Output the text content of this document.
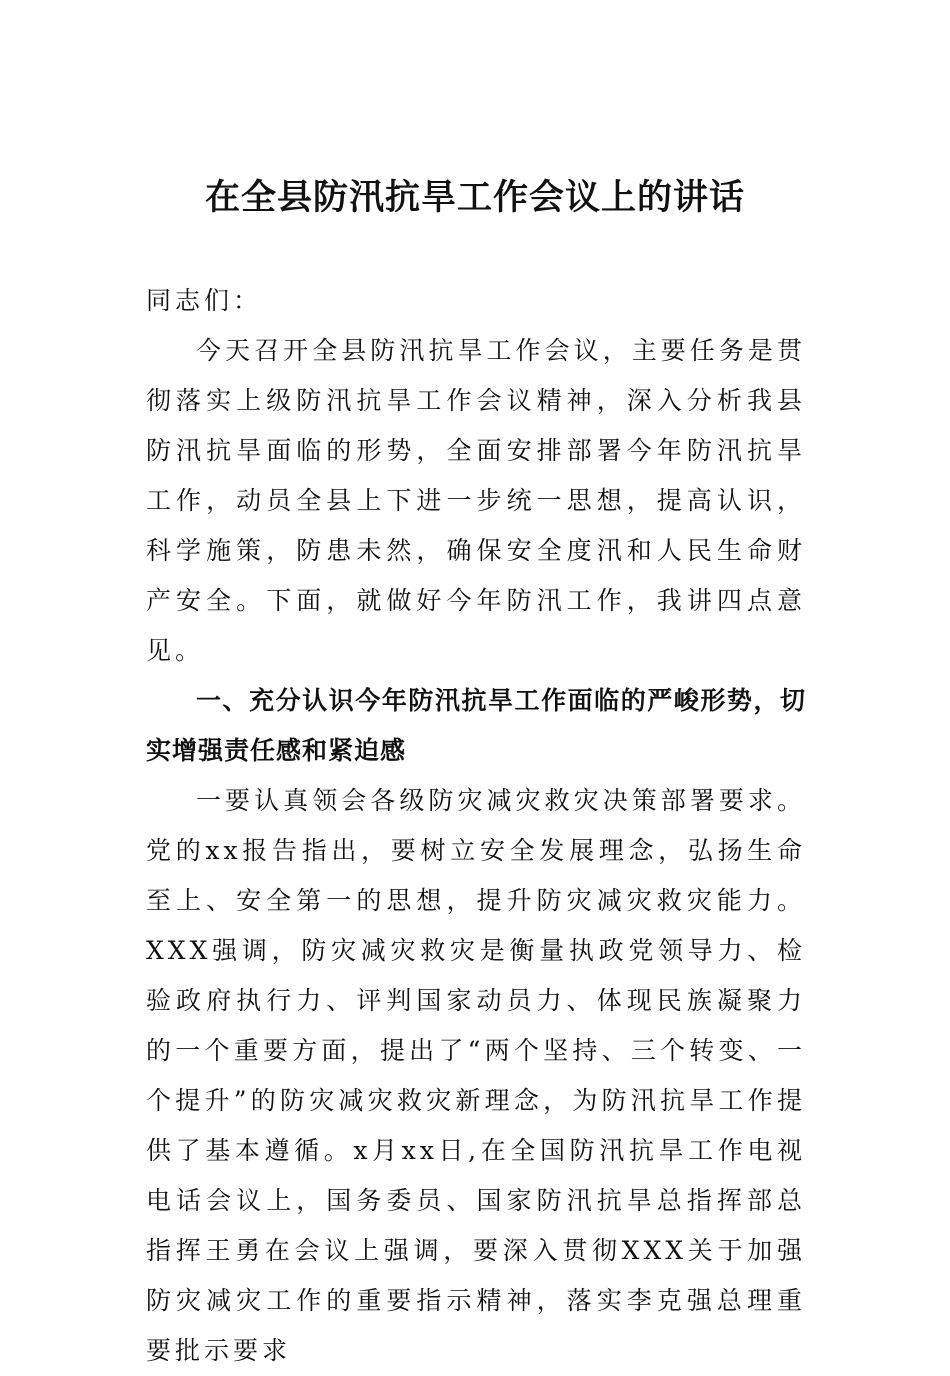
在全县防汛抗旱工作会议上的讲话

同志们：

今天召开全县防汛抗旱工作会议，主要任务是贯彻落实上级防汛抗旱工作会议精神，深入分析我县防汛抗旱面临的形势，全面安排部署今年防汛抗旱工作，动员全县上下进一步统一思想，提高认识，科学施策，防患未然，确保安全度汛和人民生命财产安全。下面，就做好今年防汛工作，我讲四点意见。

一、充分认识今年防汛抗旱工作面临的严峻形势，切实增强责任感和紧迫感

一要认真领会各级防灾减灾救灾决策部署要求。党的xx报告指出，要树立安全发展理念，弘扬生命至上、安全第一的思想，提升防灾减灾救灾能力。XXX强调，防灾减灾救灾是衡量执政党领导力、检验政府执行力、评判国家动员力、体现民族凝聚力的一个重要方面，提出了“两个坚持、三个转变、一个提升”的防灾减灾救灾新理念，为防汛抗旱工作提供了基本遵循。x月xx日,在全国防汛抗旱工作电视电话会议上，国务委员、国家防汛抗旱总指挥部总指挥王勇在会议上强调，要深入贯彻XXX关于加强防灾减灾工作的重要指示精神，落实李克强总理重要批示要求
